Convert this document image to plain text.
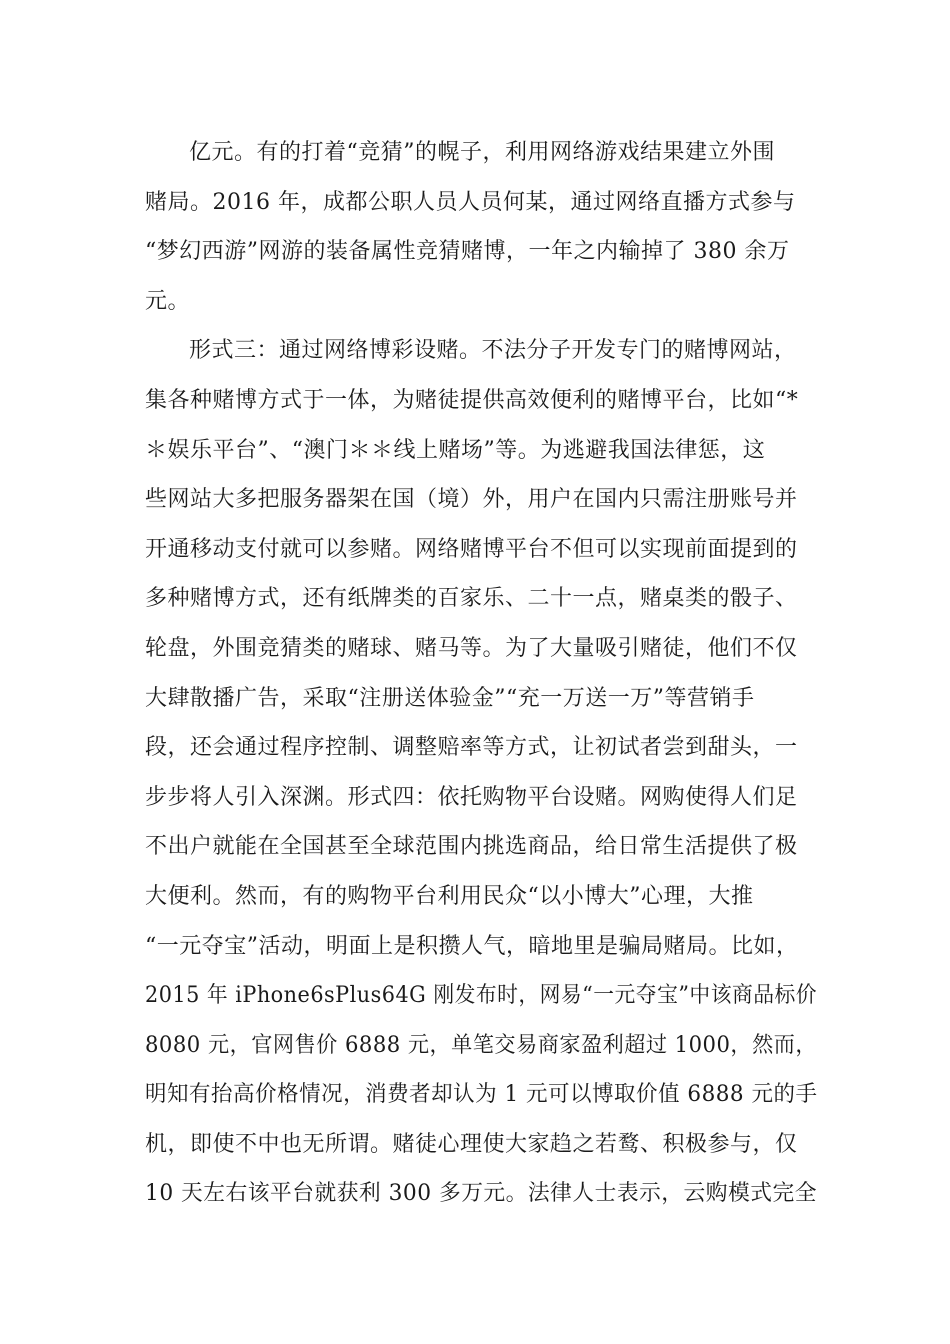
亿元。有的打着“竞猜”的幌子，利用网络游戏结果建立外围
赌局。2016 年，成都公职人员人员何某，通过网络直播方式参与
“梦幻西游”网游的装备属性竞猜赌博，一年之内输掉了 380 余万
元。
形式三：通过网络博彩设赌。不法分子开发专门的赌博网站，
集各种赌博方式于一体，为赌徒提供高效便利的赌博平台，比如“*
＊娱乐平台”、“澳门＊＊线上赌场”等。为逃避我国法律惩，这
些网站大多把服务器架在国（境）外，用户在国内只需注册账号并
开通移动支付就可以参赌。网络赌博平台不但可以实现前面提到的
多种赌博方式，还有纸牌类的百家乐、二十一点，赌桌类的骰子、
轮盘，外围竞猜类的赌球、赌马等。为了大量吸引赌徒，他们不仅
大肆散播广告，采取“注册送体验金”“充一万送一万”等营销手
段，还会通过程序控制、调整赔率等方式，让初试者尝到甜头，一
步步将人引入深渊。形式四：依托购物平台设赌。网购使得人们足
不出户就能在全国甚至全球范围内挑选商品，给日常生活提供了极
大便利。然而，有的购物平台利用民众“以小博大”心理，大推
“一元夺宝”活动，明面上是积攒人气，暗地里是骗局赌局。比如，
2015 年 iPhone6sPlus64G 刚发布时，网易“一元夺宝”中该商品标价
8080 元，官网售价 6888 元，单笔交易商家盈利超过 1000，然而，
明知有抬高价格情况，消费者却认为 1 元可以博取价值 6888 元的手
机，即使不中也无所谓。赌徒心理使大家趋之若鹜、积极参与，仅
10 天左右该平台就获利 300 多万元。法律人士表示，云购模式完全
